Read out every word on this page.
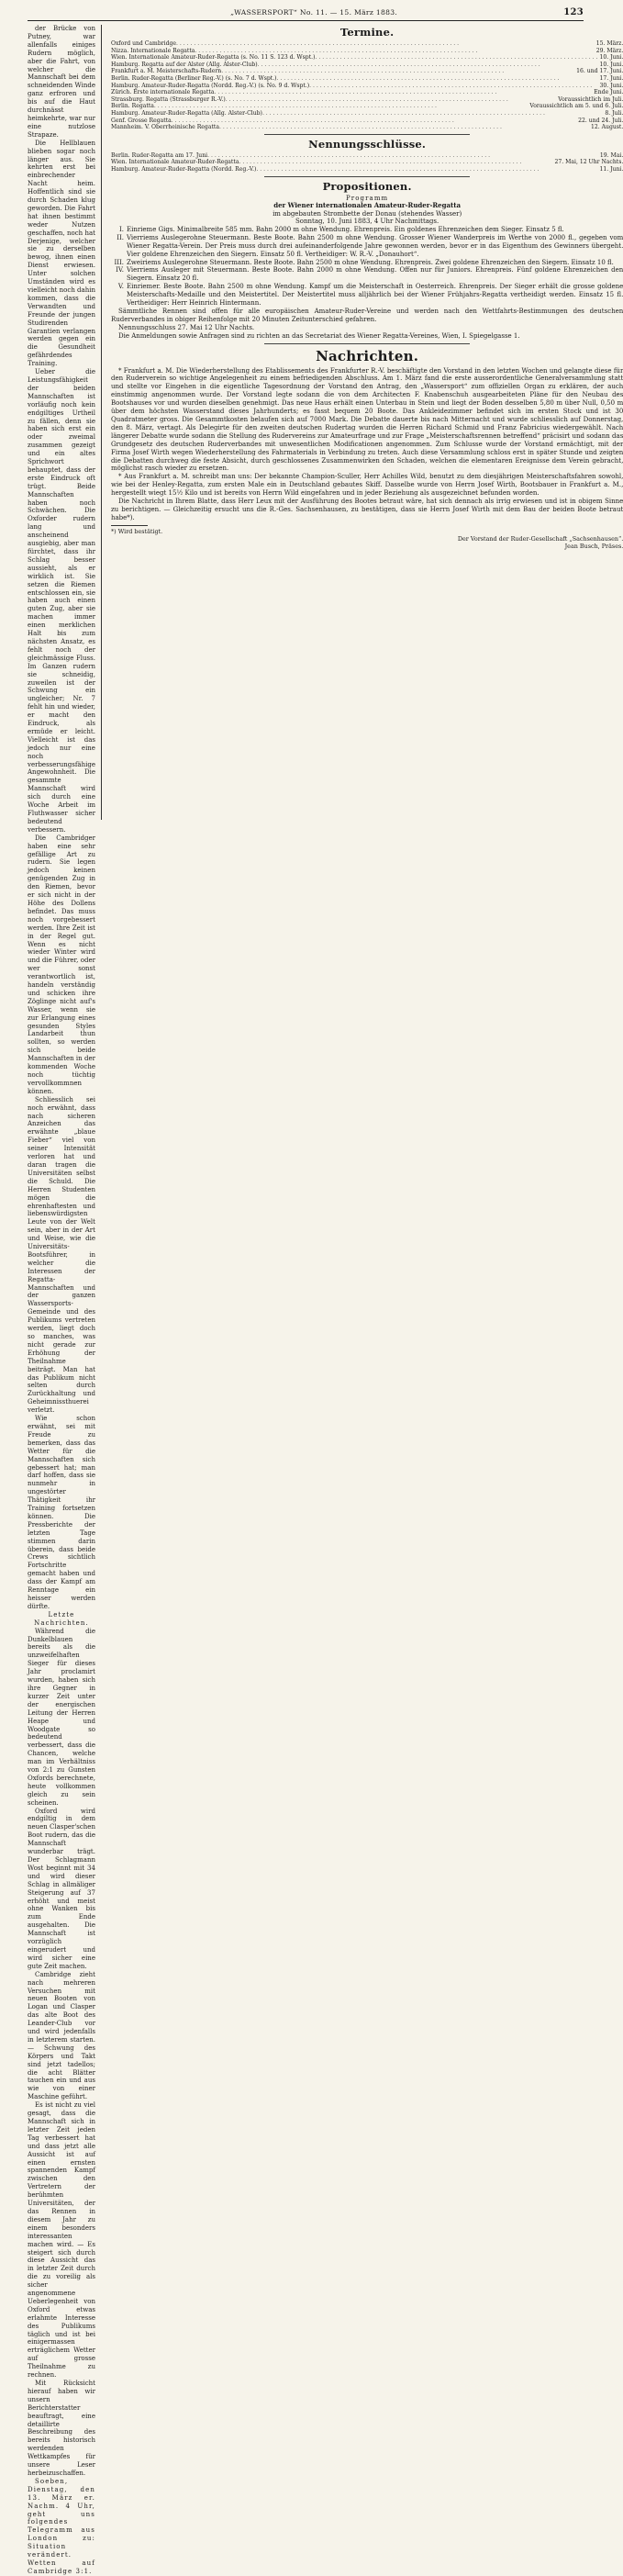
„WASSERSPORT“ No. 11. — 15. März 1883.	123

der Brücke von Putney, war allenfalls einiges Rudern möglich, aber die Fahrt, von welcher die Mannschaft bei dem schneidenden Winde ganz erfroren und bis auf die Haut durchnässt heimkehrte, war nur eine nutzlose Strapaze.

Die Hellblauen blieben sogar noch länger aus. Sie kehrten erst bei einbrechender Nacht heim. Hoffentlich sind sie durch Schaden klug geworden. Die Fahrt hat ihnen bestimmt weder Nutzen geschaffen, noch hat Derjenige, welcher sie zu derselben bewog, ihnen einen Dienst erwiesen. Unter solchen Umständen wird es vielleicht noch dahin kommen, dass die Verwandten und Freunde der jungen Studirenden Garantien verlangen werden gegen ein die Gesundheit gefährdendes Training.

Ueber die Leistungsfähigkeit der beiden Mannschaften ist vorläufig noch kein endgiltiges Urtheil zu fällen, denn sie haben sich erst ein oder zweimal zusammen gezeigt und ein altes Sprichwort behauptet, dass der erste Eindruck oft trügt. Beide Mannschaften haben noch Schwächen. Die Oxforder rudern lang und anscheinend ausgiebig, aber man fürchtet, dass ihr Schlag besser aussieht, als er wirklich ist. Sie setzen die Riemen entschlossen ein, sie haben auch einen guten Zug, aber sie machen immer einen merklichen Halt bis zum nächsten Ansatz, es fehlt noch der gleichmässige Fluss. Im Ganzen rudern sie schneidig, zuweilen ist der Schwung ein ungleicher; Nr. 7 fehlt hin und wieder, er macht den Eindruck, als ermüde er leicht. Vielleicht ist das jedoch nur eine noch verbesserungsfähige Angewohnheit. Die gesammte Mannschaft wird sich durch eine Woche Arbeit im Fluthwasser sicher bedeutend verbessern.

Die Cambridger haben eine sehr gefällige Art zu rudern. Sie legen jedoch keinen genügenden Zug in den Riemen, bevor er sich nicht in der Höhe des Dollens befindet. Das muss noch vorgebessert werden. Ihre Zeit ist in der Regel gut. Wenn es nicht wieder Winter wird und die Führer, oder wer sonst verantwortlich ist, handeln verständig und schicken ihre Zöglinge nicht auf's Wasser, wenn sie zur Erlangung eines gesunden Styles Landarbeit thun sollten, so werden sich beide Mannschaften in der kommenden Woche noch tüchtig vervollkommnen können.

Schliesslich sei noch erwähnt, dass nach sicheren Anzeichen das erwähnte „blaue Fieber“ viel von seiner Intensität verloren hat und daran tragen die Universitäten selbst die Schuld. Die Herren Studenten mögen die ehrenhaftesten und liebenswürdigsten Leute von der Welt sein, aber in der Art und Weise, wie die Universitäts-Bootsführer, in welcher die Interessen der Regatta-Mannschaften und der ganzen Wassersports-Gemeinde und des Publikums vertreten werden, liegt doch so manches, was nicht gerade zur Erhöhung der Theilnahme beiträgt. Man hat das Publikum nicht selten durch Zurückhaltung und Geheimnissthuerei verletzt.

Wie schon erwähnt, sei mit Freude zu bemerken, dass das Wetter für die Mannschaften sich gebessert hat; man darf hoffen, dass sie nunmehr in ungestörter Thätigkeit ihr Training fortsetzen können. Die Pressberichte der letzten Tage stimmen darin überein, dass beide Crews sichtlich Fortschritte gemacht haben und dass der Kampf am Renntage ein heisser werden dürfte.

Letzte Nachrichten.

Während die Dunkelblauen bereits als die unzweifelhaften Sieger für dieses Jahr proclamirt wurden, haben sich ihre Gegner in kurzer Zeit unter der energischen Leitung der Herren Heape und Woodgate so bedeutend verbessert, dass die Chancen, welche man im Verhältniss von 2:1 zu Gunsten Oxfords berechnete, heute vollkommen gleich zu sein scheinen.

Oxford wird endgiltig in dem neuen Clasper'schen Boot rudern, das die Mannschaft wunderbar trägt. Der Schlagmann Wost beginnt mit 34 und wird dieser Schlag in allmäliger Steigerung auf 37 erhöht und meist ohne Wanken bis zum Ende ausgehalten. Die Mannschaft ist vorzüglich eingerudert und wird sicher eine gute Zeit machen.

Cambridge zieht nach mehreren Versuchen mit neuen Booten von Logan und Clasper das alte Boot des Leander-Club vor und wird jedenfalls in letzterem starten. — Schwung des Körpers und Takt sind jetzt tadellos; die acht Blätter tauchen ein und aus wie von einer Maschine geführt.

Es ist nicht zu viel gesagt, dass die Mannschaft sich in letzter Zeit jeden Tag verbessert hat und dass jetzt alle Aussicht ist auf einen ernsten spannenden Kampf zwischen den Vertretern der berühmten Universitäten, der das Rennen in diesem Jahr zu einem besonders interessanten machen wird. — Es steigert sich durch diese Aussicht das in letzter Zeit durch die zu voreilig als sicher angenommene Ueberlegenheit von Oxford etwas erlahmte Interesse des Publikums täglich und ist bei einigermassen erträglichem Wetter auf grosse Theilnahme zu rechnen.

Mit Rücksicht hierauf haben wir unsern Berichterstatter beauftragt, eine detaillirte Beschreibung des bereits historisch werdenden Wettkampfes für unsere Leser herbeizuschaffen.

Soeben, Dienstag, den 13. März er. Nachm. 4 Uhr, geht uns folgendes Telegramm aus London zu: Situation verändert. Wetten auf Cambridge 3:1.

Termine.
Oxford und Cambridge . . . . . . . . . . . . . . . . . . . . . . . . . . . . . . . . . . . . . . . . . . . . . . . . . . . . . . . . . . . . . . . . . . . . . . . . . . . . . . . .	15. März.
Nizza. Internationale Regatta . . . . . . . . . . . . . . . . . . . . . . . . . . . . . . . . . . . . . . . . . . . . . . . . . . . . . . . . . . . . . . . . . . . . . . . . . . . . . . . .	29. März.
Wien. Internationale Amateur-Ruder-Regatta (s. No. 11 S. 123 d. Wspt.) . . . . . . . . . . . . . . . . . . . . . . . . . . . . . . . . . . . . . . . . . . . . . . . . . . . . . . . . . . . . . . . . . . . . . . . . . . . . . . . . 10. Juni.
Hamburg. Regatta auf der Alster (Allg. Alster-Club) . . . . . . . . . . . . . . . . . . . . . . . . . . . . . . . . . . . . . . . . . . . . . . . . . . . . . . . . . . . . . . . . . . . . . . . . . . . . . . . .	10. Juni.
Frankfurt a. M. Meisterschafts-Rudern . . . . . . . . . . . . . . . . . . . . . . . . . . . . . . . . . . . . . . . . . . . . . . . . . . . . . . . . . . . . . . . . . . . . . . . . . . . . . . . .	16. und 17. Juni.
Berlin. Ruder-Regatta (Berliner Reg.-V.) (s. No. 7 d. Wspt.) . . . . . . . . . . . . . . . . . . . . . . . . . . . . . . . . . . . . . . . . . . . . . . . . . . . . . . . . . . . . . . . . . . . . . . . . . . . . . . . .	17. Juni.
Hamburg. Amateur-Ruder-Regatta (Nordd. Reg.-V.) (s. No. 9 d. Wspt.) . . . . . . . . . . . . . . . . . . . . . . . . . . . . . . . . . . . . . . . . . . . . . . . . . . . . . . . . . . . . . . . . . . . . . . . . . . . . . . . .	30. Juni.
Zürich. Erste internationale Regatta . . . . . . . . . . . . . . . . . . . . . . . . . . . . . . . . . . . . . . . . . . . . . . . . . . . . . . . . . . . . . . . . . . . . . . . . . . . . . . . .	Ende Juni.
Strassburg. Regatta (Strassburger R.-V.) . . . . . . . . . . . . . . . . . . . . . . . . . . . . . . . . . . . . . . . . . . . . . . . . . . . . . . . . . . . . . . . . . . . . . . . . . . . . . . . .	Voraussichtlich im Juli.
Berlin. Regatta . . . . . . . . . . . . . . . . . . . . . . . . . . . . . . . . . . . . . . . . . . . . . . . . . . . . . . . . . . . . . . . . . . . . . . . . . . . . . . . .	Voraussichtlich am 5. und 6. Juli.
Hamburg. Amateur-Ruder-Regatta (Allg. Alster-Club) . . . . . . . . . . . . . . . . . . . . . . . . . . . . . . . . . . . . . . . . . . . . . . . . . . . . . . . . . . . . . . . . . . . . . . . . . . . . . . . .	8. Juli.
Genf. Grosse Regatta . . . . . . . . . . . . . . . . . . . . . . . . . . . . . . . . . . . . . . . . . . . . . . . . . . . . . . . . . . . . . . . . . . . . . . . . . . . . . . . .	22. und 24. Juli.
Mannheim. V. Oberrheinische Regatta . . . . . . . . . . . . . . . . . . . . . . . . . . . . . . . . . . . . . . . . . . . . . . . . . . . . . . . . . . . . . . . . . . . . . . . . . . . . . . . .	12. August.
Nennungsschlüsse.
Berlin. Ruder-Regatta am 17. Juni . . . . . . . . . . . . . . . . . . . . . . . . . . . . . . . . . . . . . . . . . . . . . . . . . . . . . . . . . . . . . . . . . . . . . . . . . . . . . . . .	19. Mai.
Wien. Internationale Amateur-Ruder-Regatta . . . . . . . . . . . . . . . . . . . . . . . . . . . . . . . . . . . . . . . . . . . . . . . . . . . . . . . . . . . . . . . . . . . . . . . . . . . . . . . .	27. Mai, 12 Uhr Nachts.
Hamburg. Amateur-Ruder-Regatta (Nordd. Reg.-V.) . . . . . . . . . . . . . . . . . . . . . . . . . . . . . . . . . . . . . . . . . . . . . . . . . . . . . . . . . . . . . . . . . . . . . . . . . . . . . . . .	11. Juni.
Propositionen.
Programm
der Wiener internationalen Amateur-Ruder-Regatta
im abgebauten Strombette der Donau (stehendes Wasser)
Sonntag, 10. Juni 1883, 4 Uhr Nachmittags.
I. Einrieme Gigs. Minimalbreite 585 mm. Bahn 2000 m ohne Wendung. Ehrenpreis. Ein goldenes Ehrenzeichen dem Sieger. Einsatz 5 fl.
II. Vierriems Auslegerohne Steuermann. Beste Boote. Bahn 2500 m ohne Wendung. Grosser Wiener Wanderpreis im Werthe von 2000 fl., gegeben vom Wiener Regatta-Verein. Der Preis muss durch drei aufeinanderfolgende Jahre gewonnen werden, bevor er in das Eigenthum des Gewinners übergeht. Vier goldene Ehrenzeichen den Siegern. Einsatz 50 fl. Vertheidiger: W. R.-V. „Donauhort“.
III. Zweiriems Auslegerohne Steuermann. Beste Boote. Bahn 2500 m ohne Wendung. Ehrenpreis. Zwei goldene Ehrenzeichen den Siegern. Einsatz 10 fl.
IV. Vierriems Ausleger mit Steuermann. Beste Boote. Bahn 2000 m ohne Wendung. Offen nur für Juniors. Ehrenpreis. Fünf goldene Ehrenzeichen den Siegern. Einsatz 20 fl.
V. Einriemer. Beste Boote. Bahn 2500 m ohne Wendung. Kampf um die Meisterschaft in Oesterreich. Ehrenpreis. Der Sieger erhält die grosse goldene Meisterschafts-Medaille und den Meistertitel. Der Meistertitel muss alljährlich bei der Wiener Frühjahrs-Regatta vertheidigt werden. Einsatz 15 fl. Vertheidiger: Herr Heinrich Hintermann.

Sämmtliche Rennen sind offen für alle europäischen Amateur-Ruder-Vereine und werden nach den Wettfahrts-Bestimmungen des deutschen Ruderverbandes in obiger Reihenfolge mit 20 Minuten Zeitunterschied gefahren.

Nennungsschluss 27. Mai 12 Uhr Nachts.

Die Anmeldungen sowie Anfragen sind zu richten an das Secretariat des Wiener Regatta-Vereines, Wien, I. Spiegelgasse 1.

Nachrichten.

* Frankfurt a. M. Die Wiederherstellung des Etablissements des Frankfurter R.-V. beschäftigte den Vorstand in den letzten Wochen und gelangte diese für den Ruderverein so wichtige Angelegenheit zu einem befriedigenden Abschluss. Am 1. März fand die erste ausserordentliche Generalversammlung statt und stellte vor Eingehen in die eigentliche Tagesordnung der Vorstand den Antrag, den „Wassersport“ zum offiziellen Organ zu erklären, der auch einstimmig angenommen wurde. Der Vorstand legte sodann die von dem Architecten F. Knabenschuh ausgearbeiteten Pläne für den Neubau des Bootshauses vor und wurden dieselben genehmigt. Das neue Haus erhält einen Unterbau in Stein und liegt der Boden desselben 5,80 m über Null, 0,50 m über dem höchsten Wasserstand dieses Jahrhunderts; es fasst bequem 20 Boote. Das Ankleidezimmer befindet sich im ersten Stock und ist 30 Quadratmeter gross. Die Gesammtkosten belaufen sich auf 7000 Mark. Die Debatte dauerte bis nach Mitternacht und wurde schliesslich auf Donnerstag, den 8. März, vertagt. Als Delegirte für den zweiten deutschen Rudertag wurden die Herren Richard Schmid und Franz Fabricius wiedergewählt. Nach längerer Debatte wurde sodann die Stellung des Rudervereins zur Amateurfrage und zur Frage „Meisterschaftsrennen betreffend“ präcisirt und sodann das Grundgesetz des deutschen Ruderverbandes mit unwesentlichen Modificationen angenommen. Zum Schlusse wurde der Vorstand ermächtigt, mit der Firma Josef Wirth wegen Wiederherstellung des Fahrmaterials in Verbindung zu treten. Auch diese Versammlung schloss erst in später Stunde und zeigten die Debatten durchweg die feste Absicht, durch geschlossenes Zusammenwirken den Schaden, welchen die elementaren Ereignisse dem Verein gebracht, möglichst rasch wieder zu ersetzen.

* Aus Frankfurt a. M. schreibt man uns: Der bekannte Champion-Sculler, Herr Achilles Wild, benutzt zu dem diesjährigen Meisterschaftsfahren sowohl, wie bei der Henley-Regatta, zum ersten Male ein in Deutschland gebautes Skiff. Dasselbe wurde von Herrn Josef Wirth, Bootsbauer in Frankfurt a. M., hergestellt wiegt 15½ Kilo und ist bereits von Herrn Wild eingefahren und in jeder Beziehung als ausgezeichnet befunden worden.

Die Nachricht in Ihrem Blatte, dass Herr Leux mit der Ausführung des Bootes betraut wäre, hat sich dennach als irrig erwiesen und ist in obigem Sinne zu berichtigen. — Gleichzeitig ersucht uns die R.-Ges. Sachsenhausen, zu bestätigen, dass sie Herrn Josef Wirth mit dem Bau der beiden Boote betraut habe*).

*) Wird bestätigt.
Der Vorstand der Ruder-Gesellschaft „Sachsenhausen“.
Jean Busch, Präses.
